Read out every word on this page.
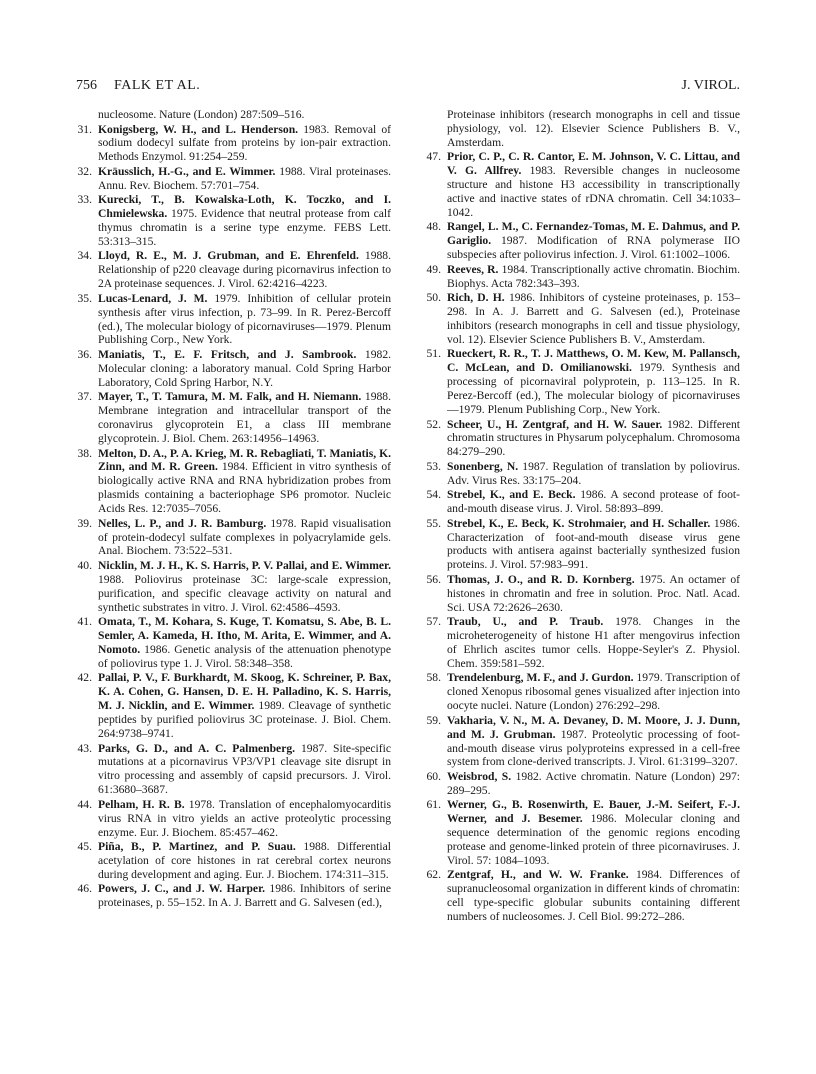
756 FALK ET AL.	J. VIROL.
nucleosome. Nature (London) 287:509–516.
31. Konigsberg, W. H., and L. Henderson. 1983. Removal of sodium dodecyl sulfate from proteins by ion-pair extraction. Methods Enzymol. 91:254–259.
32. Kräusslich, H.-G., and E. Wimmer. 1988. Viral proteinases. Annu. Rev. Biochem. 57:701–754.
33. Kurecki, T., B. Kowalska-Loth, K. Toczko, and I. Chmielewska. 1975. Evidence that neutral protease from calf thymus chromatin is a serine type enzyme. FEBS Lett. 53:313–315.
34. Lloyd, R. E., M. J. Grubman, and E. Ehrenfeld. 1988. Relationship of p220 cleavage during picornavirus infection to 2A proteinase sequences. J. Virol. 62:4216–4223.
35. Lucas-Lenard, J. M. 1979. Inhibition of cellular protein synthesis after virus infection, p. 73–99. In R. Perez-Bercoff (ed.), The molecular biology of picornaviruses—1979. Plenum Publishing Corp., New York.
36. Maniatis, T., E. F. Fritsch, and J. Sambrook. 1982. Molecular cloning: a laboratory manual. Cold Spring Harbor Laboratory, Cold Spring Harbor, N.Y.
37. Mayer, T., T. Tamura, M. M. Falk, and H. Niemann. 1988. Membrane integration and intracellular transport of the coronavirus glycoprotein E1, a class III membrane glycoprotein. J. Biol. Chem. 263:14956–14963.
38. Melton, D. A., P. A. Krieg, M. R. Rebagliati, T. Maniatis, K. Zinn, and M. R. Green. 1984. Efficient in vitro synthesis of biologically active RNA and RNA hybridization probes from plasmids containing a bacteriophage SP6 promotor. Nucleic Acids Res. 12:7035–7056.
39. Nelles, L. P., and J. R. Bamburg. 1978. Rapid visualisation of protein-dodecyl sulfate complexes in polyacrylamide gels. Anal. Biochem. 73:522–531.
40. Nicklin, M. J. H., K. S. Harris, P. V. Pallai, and E. Wimmer. 1988. Poliovirus proteinase 3C: large-scale expression, purification, and specific cleavage activity on natural and synthetic substrates in vitro. J. Virol. 62:4586–4593.
41. Omata, T., M. Kohara, S. Kuge, T. Komatsu, S. Abe, B. L. Semler, A. Kameda, H. Itho, M. Arita, E. Wimmer, and A. Nomoto. 1986. Genetic analysis of the attenuation phenotype of poliovirus type 1. J. Virol. 58:348–358.
42. Pallai, P. V., F. Burkhardt, M. Skoog, K. Schreiner, P. Bax, K. A. Cohen, G. Hansen, D. E. H. Palladino, K. S. Harris, M. J. Nicklin, and E. Wimmer. 1989. Cleavage of synthetic peptides by purified poliovirus 3C proteinase. J. Biol. Chem. 264:9738–9741.
43. Parks, G. D., and A. C. Palmenberg. 1987. Site-specific mutations at a picornavirus VP3/VP1 cleavage site disrupt in vitro processing and assembly of capsid precursors. J. Virol. 61:3680–3687.
44. Pelham, H. R. B. 1978. Translation of encephalomyocarditis virus RNA in vitro yields an active proteolytic processing enzyme. Eur. J. Biochem. 85:457–462.
45. Piña, B., P. Martinez, and P. Suau. 1988. Differential acetylation of core histones in rat cerebral cortex neurons during development and aging. Eur. J. Biochem. 174:311–315.
46. Powers, J. C., and J. W. Harper. 1986. Inhibitors of serine proteinases, p. 55–152. In A. J. Barrett and G. Salvesen (ed.),
Proteinase inhibitors (research monographs in cell and tissue physiology, vol. 12). Elsevier Science Publishers B. V., Amsterdam.
47. Prior, C. P., C. R. Cantor, E. M. Johnson, V. C. Littau, and V. G. Allfrey. 1983. Reversible changes in nucleosome structure and histone H3 accessibility in transcriptionally active and inactive states of rDNA chromatin. Cell 34:1033–1042.
48. Rangel, L. M., C. Fernandez-Tomas, M. E. Dahmus, and P. Gariglio. 1987. Modification of RNA polymerase IIO subspecies after poliovirus infection. J. Virol. 61:1002–1006.
49. Reeves, R. 1984. Transcriptionally active chromatin. Biochim. Biophys. Acta 782:343–393.
50. Rich, D. H. 1986. Inhibitors of cysteine proteinases, p. 153–298. In A. J. Barrett and G. Salvesen (ed.), Proteinase inhibitors (research monographs in cell and tissue physiology, vol. 12). Elsevier Science Publishers B. V., Amsterdam.
51. Rueckert, R. R., T. J. Matthews, O. M. Kew, M. Pallansch, C. McLean, and D. Omilianowski. 1979. Synthesis and processing of picornaviral polyprotein, p. 113–125. In R. Perez-Bercoff (ed.), The molecular biology of picornaviruses—1979. Plenum Publishing Corp., New York.
52. Scheer, U., H. Zentgraf, and H. W. Sauer. 1982. Different chromatin structures in Physarum polycephalum. Chromosoma 84:279–290.
53. Sonenberg, N. 1987. Regulation of translation by poliovirus. Adv. Virus Res. 33:175–204.
54. Strebel, K., and E. Beck. 1986. A second protease of foot-and-mouth disease virus. J. Virol. 58:893–899.
55. Strebel, K., E. Beck, K. Strohmaier, and H. Schaller. 1986. Characterization of foot-and-mouth disease virus gene products with antisera against bacterially synthesized fusion proteins. J. Virol. 57:983–991.
56. Thomas, J. O., and R. D. Kornberg. 1975. An octamer of histones in chromatin and free in solution. Proc. Natl. Acad. Sci. USA 72:2626–2630.
57. Traub, U., and P. Traub. 1978. Changes in the microheterogeneity of histone H1 after mengovirus infection of Ehrlich ascites tumor cells. Hoppe-Seyler's Z. Physiol. Chem. 359:581–592.
58. Trendelenburg, M. F., and J. Gurdon. 1979. Transcription of cloned Xenopus ribosomal genes visualized after injection into oocyte nuclei. Nature (London) 276:292–298.
59. Vakharia, V. N., M. A. Devaney, D. M. Moore, J. J. Dunn, and M. J. Grubman. 1987. Proteolytic processing of foot-and-mouth disease virus polyproteins expressed in a cell-free system from clone-derived transcripts. J. Virol. 61:3199–3207.
60. Weisbrod, S. 1982. Active chromatin. Nature (London) 297: 289–295.
61. Werner, G., B. Rosenwirth, E. Bauer, J.-M. Seifert, F.-J. Werner, and J. Besemer. 1986. Molecular cloning and sequence determination of the genomic regions encoding protease and genome-linked protein of three picornaviruses. J. Virol. 57: 1084–1093.
62. Zentgraf, H., and W. W. Franke. 1984. Differences of supranucleosomal organization in different kinds of chromatin: cell type-specific globular subunits containing different numbers of nucleosomes. J. Cell Biol. 99:272–286.
